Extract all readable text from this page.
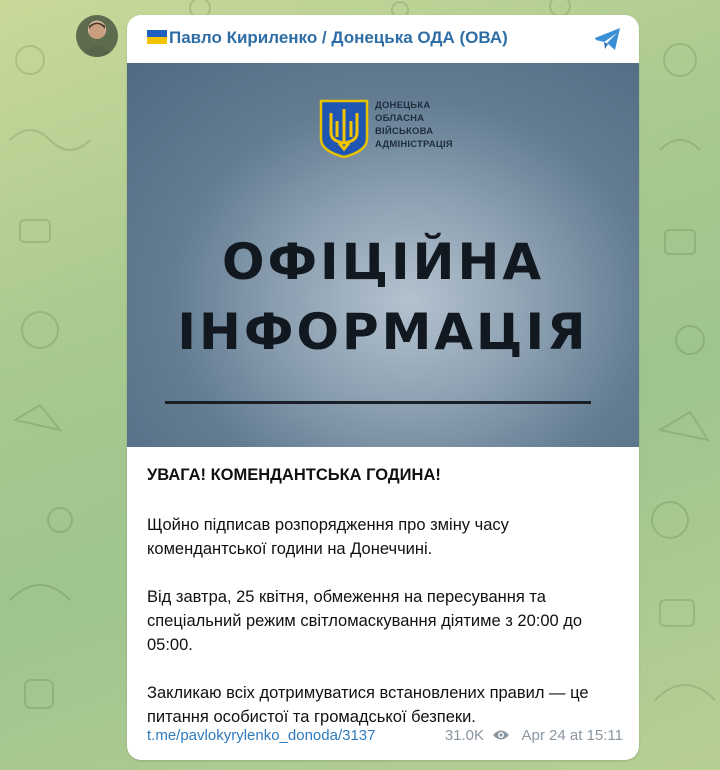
Павло Кириленко / Донецька ОДА (ОВА)
ДОНЕЦЬКА
ОБЛАСНА
ВІЙСЬКОВА
АДМІНІСТРАЦІЯ
ОФІЦІЙНА
ІНФОРМАЦІЯ

УВАГА! КОМЕНДАНТСЬКА ГОДИНА!

Щойно підписав розпорядження про зміну часу комендантської години на Донеччині.

Від завтра, 25 квітня, обмеження на пересування та спеціальний режим світломаскування діятиме з 20:00 до 05:00.

Закликаю всіх дотримуватися встановлених правил — це питання особистої та громадської безпеки.

t.me/pavlokyrylenko_donoda/3137	31.0K	Apr 24 at 15:11
